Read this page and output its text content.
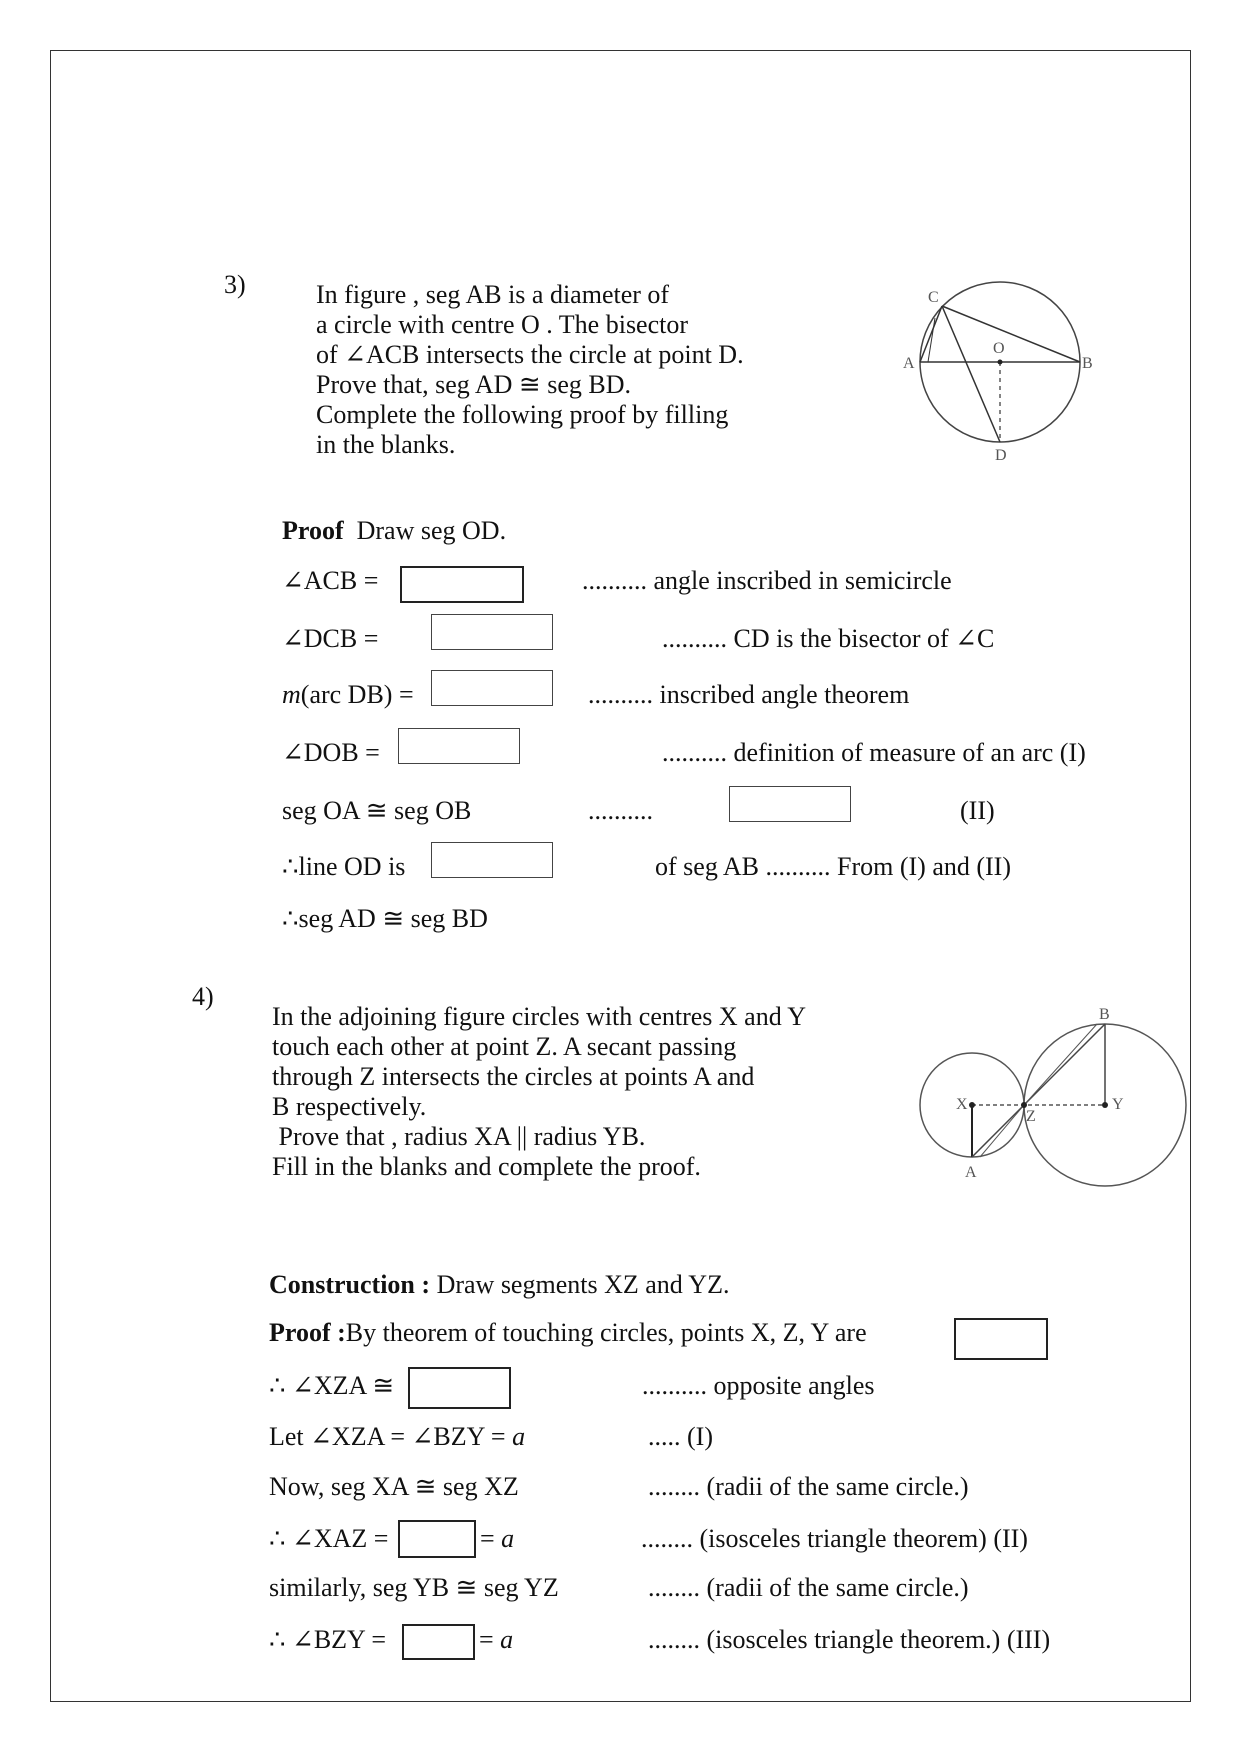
3)	In figure , seg AB is a diameter of
a circle with centre O . The bisector
of ∠ACB intersects the circle at point D.
Prove that, seg AD ≅ seg BD.
Complete the following proof by filling
in the blanks.
C
A
O
B
D
Proof Draw seg OD.
∠ACB =	.......... angle inscribed in semicircle
∠DCB =	.......... CD is the bisector of ∠C
m(arc DB) =	.......... inscribed angle theorem
∠DOB =	.......... definition of measure of an arc (I)
seg OA ≅ seg OB	..........	(II)
∴line OD is	of seg AB .......... From (I) and (II)
∴seg AD ≅ seg BD
4)
In the adjoining figure circles with centres X and Y
touch each other at point Z. A secant passing
through Z intersects the circles at points A and
B respectively.
Prove that , radius XA || radius YB.
Fill in the blanks and complete the proof.
X
Z
Y
A
B
Construction : Draw segments XZ and YZ.
Proof :By theorem of touching circles, points X, Z, Y are
∴ ∠XZA ≅	.......... opposite angles
Let ∠XZA = ∠BZY = a	..... (I)
Now, seg XA ≅ seg XZ	........ (radii of the same circle.)
∴ ∠XAZ =	= a	........ (isosceles triangle theorem) (II)
similarly, seg YB ≅ seg YZ	........ (radii of the same circle.)
∴ ∠BZY =	= a	........ (isosceles triangle theorem.) (III)
